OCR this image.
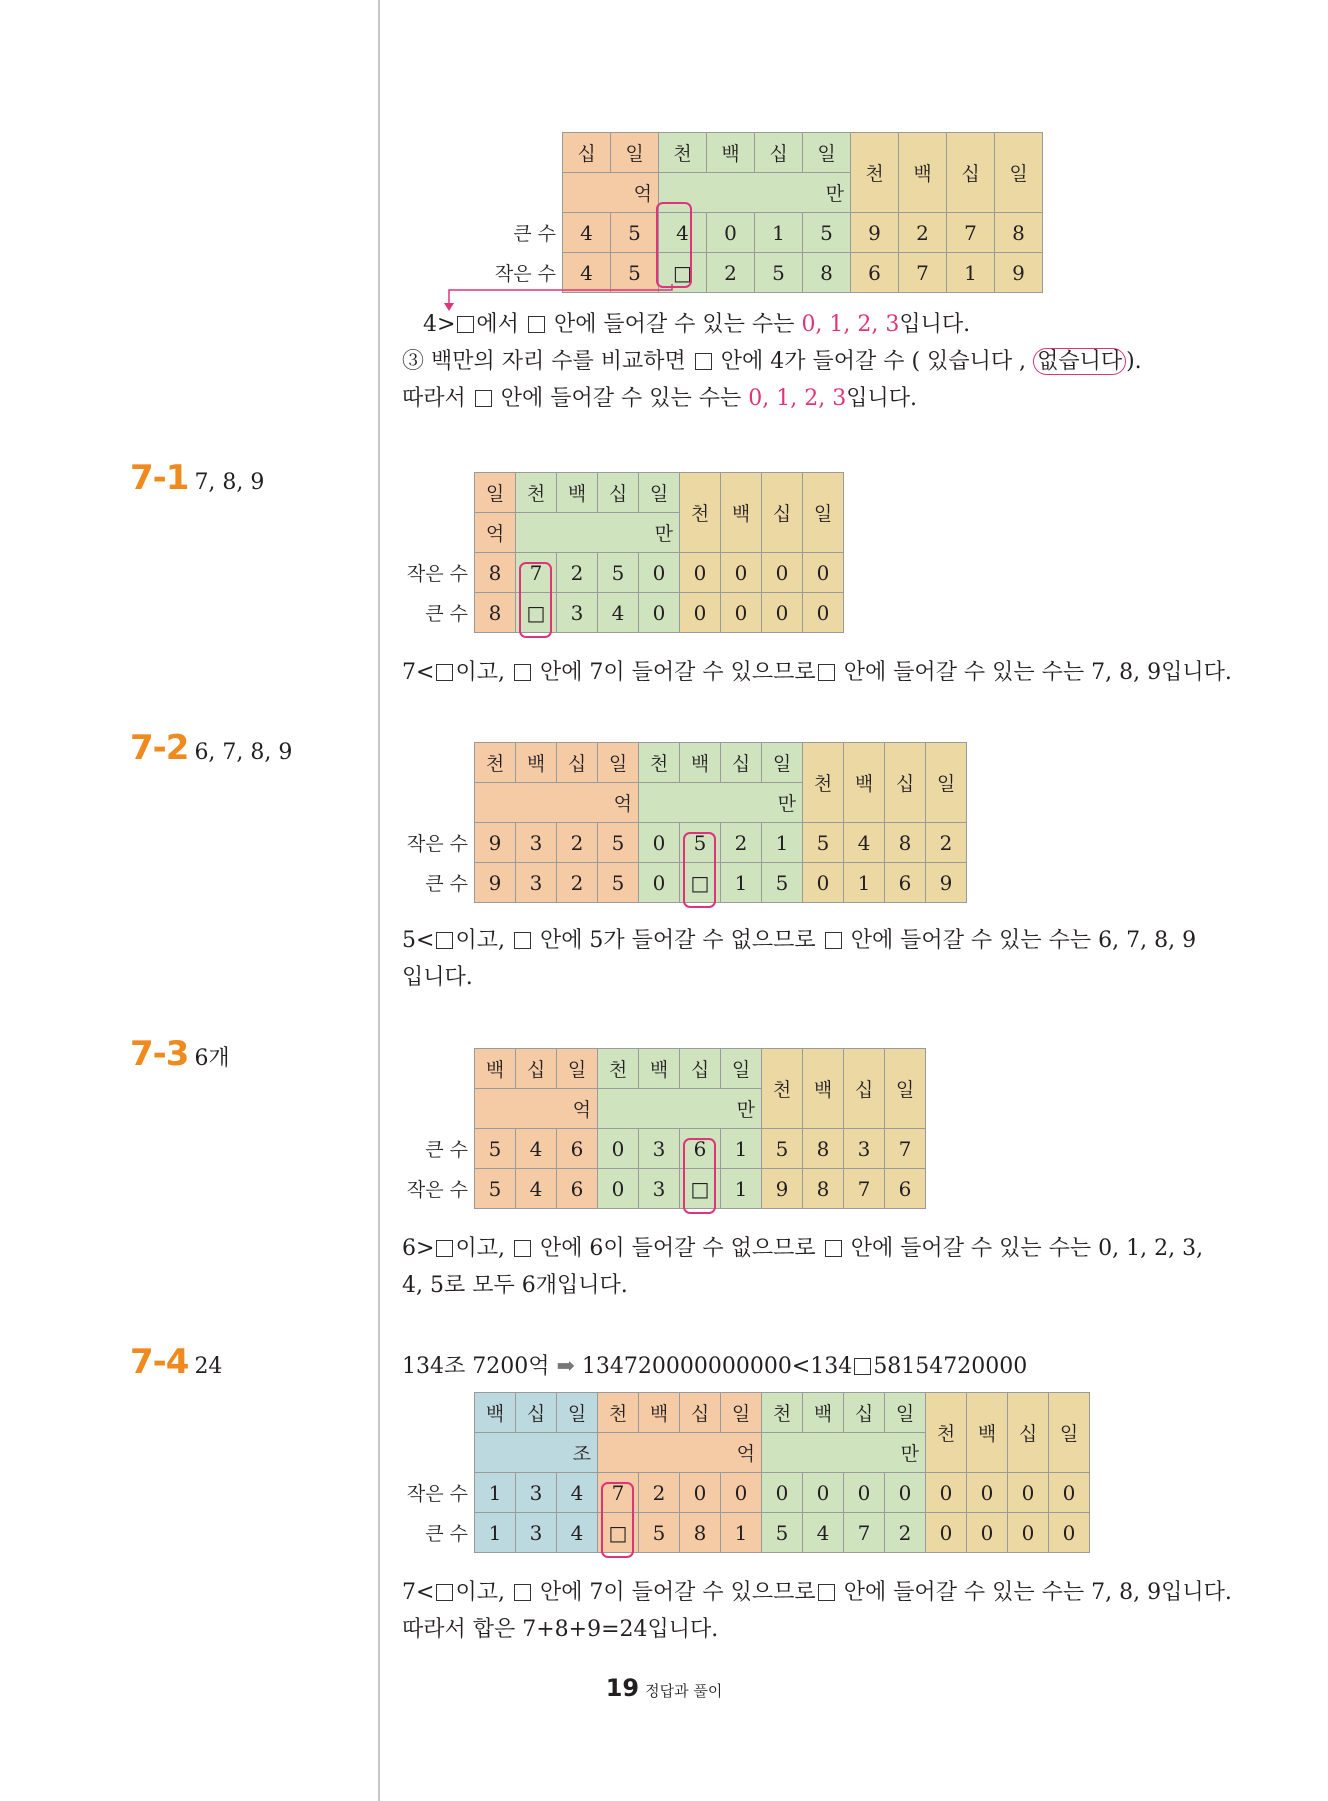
	십	일	천	백	십	일	천	백	십	일
	억		만							
큰 수	4	5	4	0	1	5	9	2	7	8
작은 수	4	5	□	2	5	8	6	7	1	9
4> 에서 안에 들어갈 수 있는 수는 0, 1, 2, 3입니다.
③ 백만의 자리 수를 비교하면 안에 4가 들어갈 수 ( 있습니다 , 없습니다 ).
따라서 안에 들어갈 수 있는 수는 0, 1, 2, 3입니다.
7-1 7, 8, 9
		일	천	백	십	일	천	백	십	일
	억	만							
작은 수	8	7	2	5	0	0	0	0	0
큰 수	8	□	3	4	0	0	0	0	0
7< 이고, 안에 7이 들어갈 수 있으므로 안에 들어갈 수 있는 수는 7, 8, 9입니다.
7-2 6, 7, 8, 9
		천	백	십	일	천	백	십	일	천	백	십	일
	억				만							
작은 수	9	3	2	5	0	5	2	1	5	4	8	2
큰 수	9	3	2	5	0	□	1	5	0	1	6	9
5< 이고, 안에 5가 들어갈 수 없으므로 안에 들어갈 수 있는 수는 6, 7, 8, 9
입니다.
7-3 6개
		백	십	일	천	백	십	일	천	백	십	일
	억			만							
큰 수	5	4	6	0	3	6	1	5	8	3	7
작은 수	5	4	6	0	3	□	1	9	8	7	6
6> 이고, 안에 6이 들어갈 수 없으므로 안에 들어갈 수 있는 수는 0, 1, 2, 3,
4, 5로 모두 6개입니다.
7-4 24	134조 7200억 ➡ 134720000000000<134 58154720000
	백	십	일	천	백	십	일	천	백	십	일	천	백	십	일
	조			억				만							
작은 수	1	3	4	7	2	0	0	0	0	0	0	0	0	0	0
큰 수	1	3	4	□	5	8	1	5	4	7	2	0	0	0	0
7< 이고, 안에 7이 들어갈 수 있으므로 안에 들어갈 수 있는 수는 7, 8, 9입니다.
따라서 합은 7+8+9=24입니다.
19 정답과 풀이
